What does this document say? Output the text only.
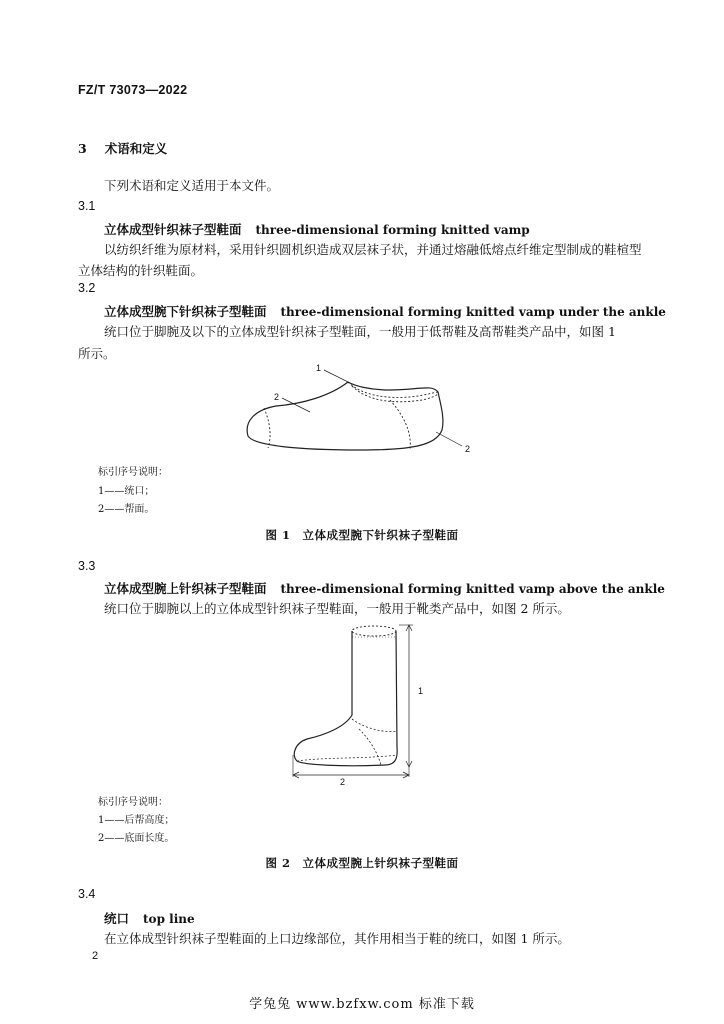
FZ/T 73073—2022
3 术语和定义
下列术语和定义适用于本文件。
3.1
立体成型针织袜子型鞋面 three-dimensional forming knitted vamp
以纺织纤维为原材料，采用针织圆机织造成双层袜子状，并通过熔融低熔点纤维定型制成的鞋楦型
立体结构的针织鞋面。
3.2
立体成型腕下针织袜子型鞋面 three-dimensional forming knitted vamp under the ankle
统口位于脚腕及以下的立体成型针织袜子型鞋面，一般用于低帮鞋及高帮鞋类产品中，如图 1
所示。
1
2
2
标引序号说明：
1——统口；
2——帮面。
图 1　立体成型腕下针织袜子型鞋面
3.3
立体成型腕上针织袜子型鞋面 three-dimensional forming knitted vamp above the ankle
统口位于脚腕以上的立体成型针织袜子型鞋面，一般用于靴类产品中，如图 2 所示。
1
2
标引序号说明：
1——后帮高度；
2——底面长度。
图 2　立体成型腕上针织袜子型鞋面
3.4
统口 top line
在立体成型针织袜子型鞋面的上口边缘部位，其作用相当于鞋的统口，如图 1 所示。
2
学兔兔 www.bzfxw.com 标准下载
